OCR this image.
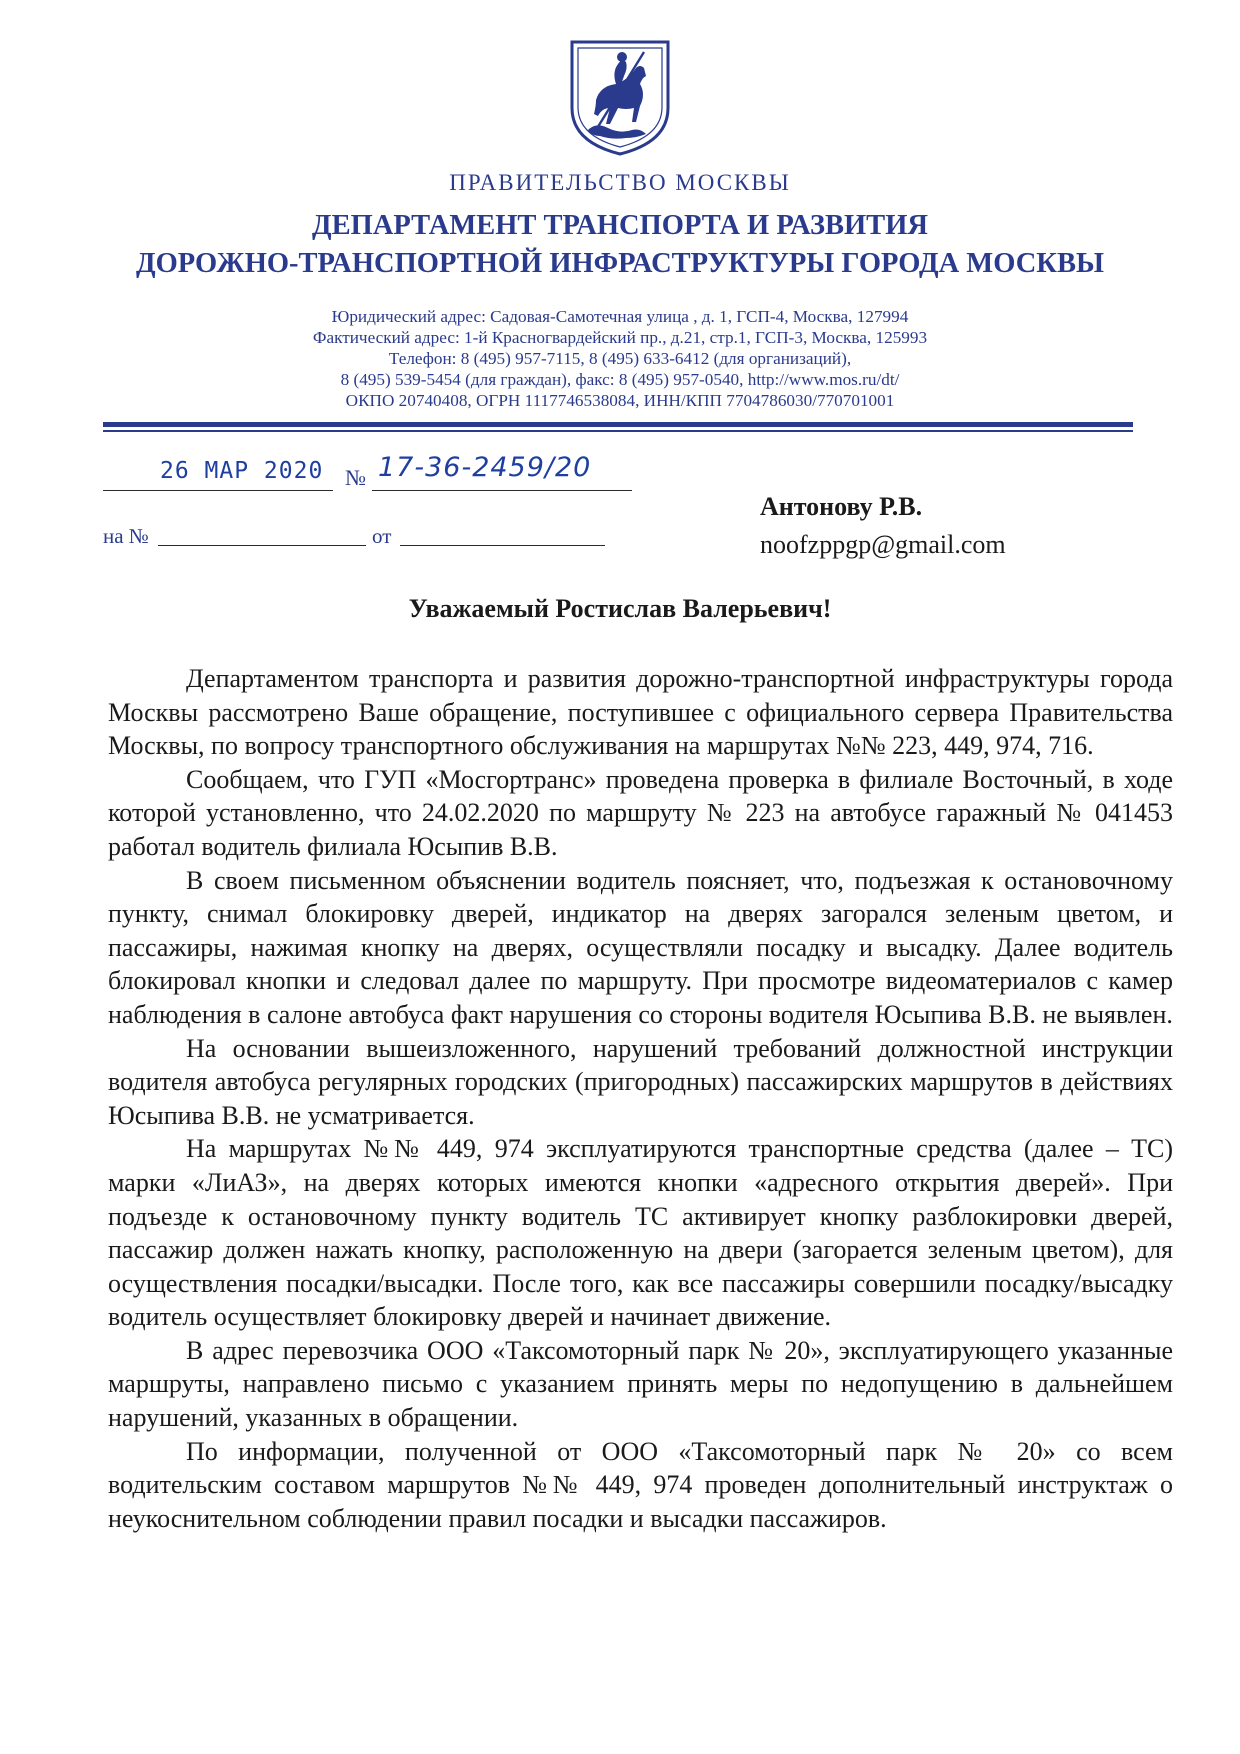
ПРАВИТЕЛЬСТВО МОСКВЫ
ДЕПАРТАМЕНТ ТРАНСПОРТА И РАЗВИТИЯ
ДОРОЖНО-ТРАНСПОРТНОЙ ИНФРАСТРУКТУРЫ ГОРОДА МОСКВЫ
Юридический адрес: Садовая-Самотечная улица , д. 1, ГСП-4, Москва, 127994
Фактический адрес: 1-й Красногвардейский пр., д.21, стр.1, ГСП-3, Москва, 125993
Телефон: 8 (495) 957-7115, 8 (495) 633-6412 (для организаций),
8 (495) 539-5454 (для граждан), факс: 8 (495) 957-0540, http://www.mos.ru/dt/
ОКПО 20740408, ОГРН 1117746538084, ИНН/КПП 7704786030/770701001
26 МАР 2020 № 17-36-2459/20
на №	от
Антонову Р.В.
noofzppgp@gmail.com
Уважаемый Ростислав Валерьевич!

Департаментом транспорта и развития дорожно-транспортной инфраструктуры города Москвы рассмотрено Ваше обращение, поступившее с официального сервера Правительства Москвы, по вопросу транспортного обслуживания на маршрутах №№ 223, 449, 974, 716.

Сообщаем, что ГУП «Мосгортранс» проведена проверка в филиале Восточный, в ходе которой установленно, что 24.02.2020 по маршруту № 223 на автобусе гаражный № 041453 работал водитель филиала Юсыпив В.В.

В своем письменном объяснении водитель поясняет, что, подъезжая к остановочному пункту, снимал блокировку дверей, индикатор на дверях загорался зеленым цветом, и пассажиры, нажимая кнопку на дверях, осуществляли посадку и высадку. Далее водитель блокировал кнопки и следовал далее по маршруту. При просмотре видеоматериалов с камер наблюдения в салоне автобуса факт нарушения со стороны водителя Юсыпива В.В. не выявлен.

На основании вышеизложенного, нарушений требований должностной инструкции водителя автобуса регулярных городских (пригородных) пассажирских маршрутов в действиях Юсыпива В.В. не усматривается.

На маршрутах №№ 449, 974 эксплуатируются транспортные средства (далее – ТС) марки «ЛиАЗ», на дверях которых имеются кнопки «адресного открытия дверей». При подъезде к остановочному пункту водитель ТС активирует кнопку разблокировки дверей, пассажир должен нажать кнопку, расположенную на двери (загорается зеленым цветом), для осуществления посадки/высадки. После того, как все пассажиры совершили посадку/высадку водитель осуществляет блокировку дверей и начинает движение.

В адрес перевозчика ООО «Таксомоторный парк № 20», эксплуатирующего указанные маршруты, направлено письмо с указанием принять меры по недопущению в дальнейшем нарушений, указанных в обращении.

По информации, полученной от ООО «Таксомоторный парк № 20» со всем водительским составом маршрутов №№ 449, 974 проведен дополнительный инструктаж о неукоснительном соблюдении правил посадки и высадки пассажиров.
